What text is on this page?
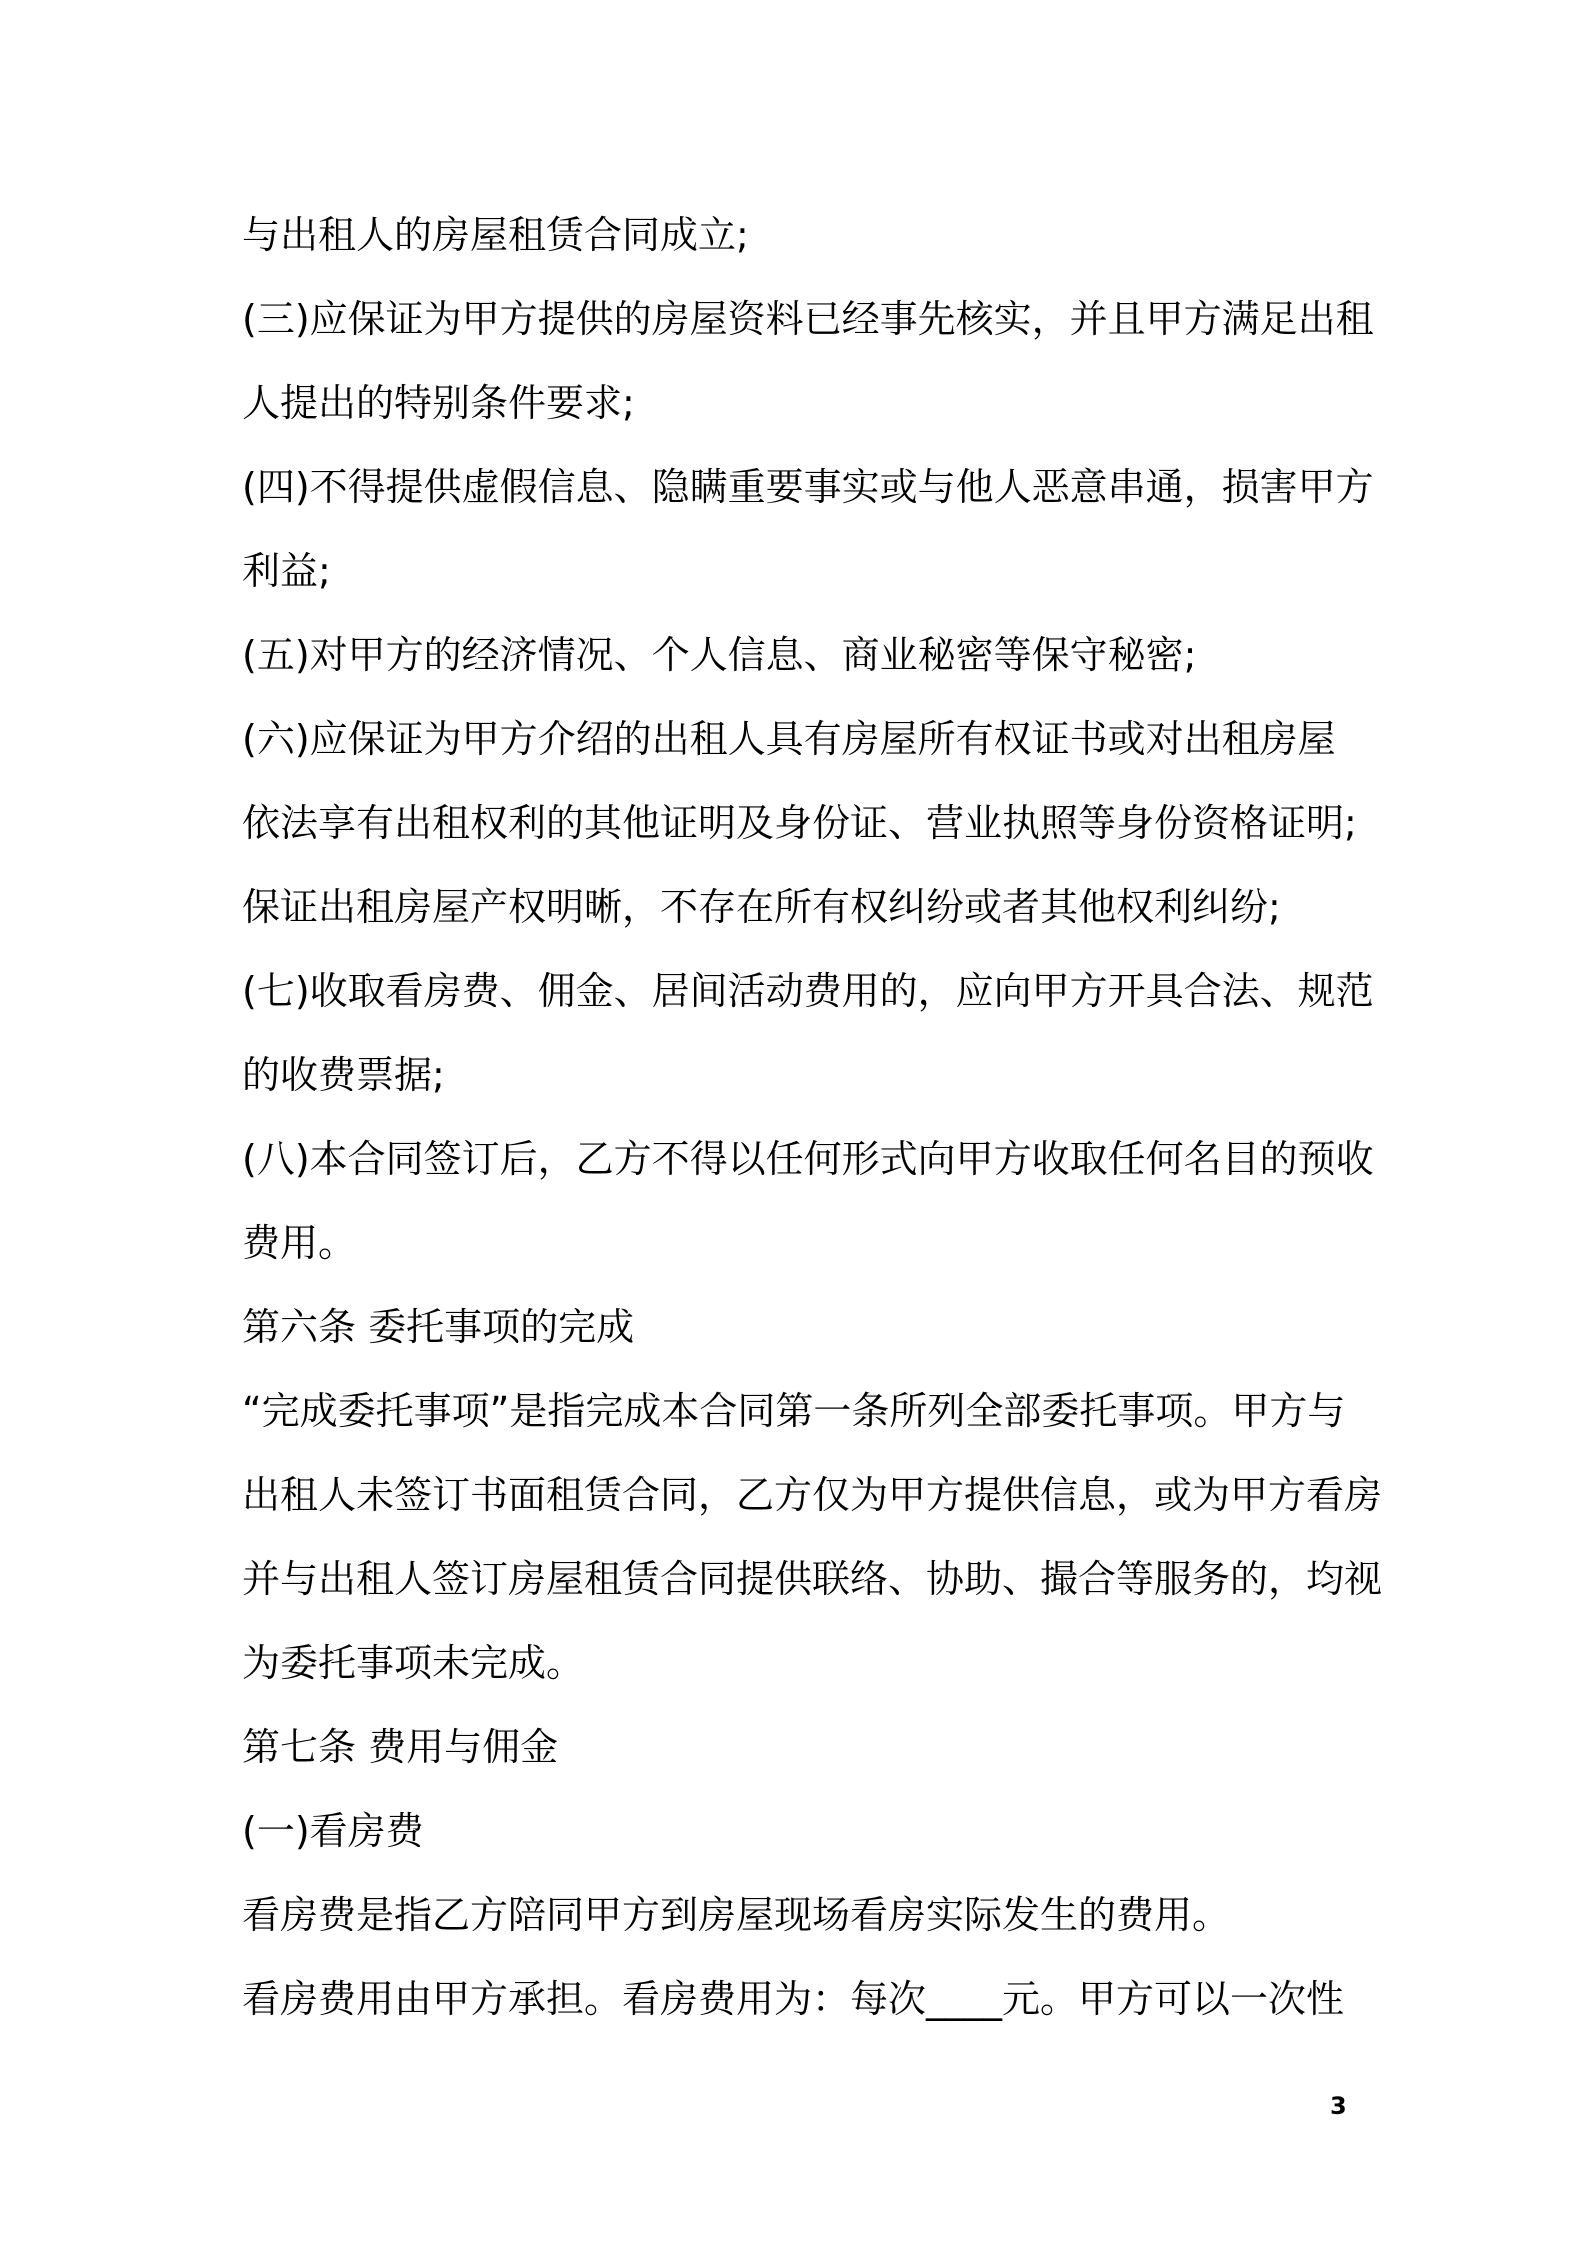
与出租人的房屋租赁合同成立;
(三)应保证为甲方提供的房屋资料已经事先核实，并且甲方满足出租
人提出的特别条件要求;
(四)不得提供虚假信息、隐瞒重要事实或与他人恶意串通，损害甲方
利益;
(五)对甲方的经济情况、个人信息、商业秘密等保守秘密;
(六)应保证为甲方介绍的出租人具有房屋所有权证书或对出租房屋
依法享有出租权利的其他证明及身份证、营业执照等身份资格证明;
保证出租房屋产权明晰，不存在所有权纠纷或者其他权利纠纷;
(七)收取看房费、佣金、居间活动费用的，应向甲方开具合法、规范
的收费票据;
(八)本合同签订后，乙方不得以任何形式向甲方收取任何名目的预收
费用。
第六条 委托事项的完成
“完成委托事项”是指完成本合同第一条所列全部委托事项。甲方与
出租人未签订书面租赁合同，乙方仅为甲方提供信息，或为甲方看房
并与出租人签订房屋租赁合同提供联络、协助、撮合等服务的，均视
为委托事项未完成。
第七条 费用与佣金
(一)看房费
看房费是指乙方陪同甲方到房屋现场看房实际发生的费用。
看房费用由甲方承担。看房费用为：每次____元。甲方可以一次性
3
